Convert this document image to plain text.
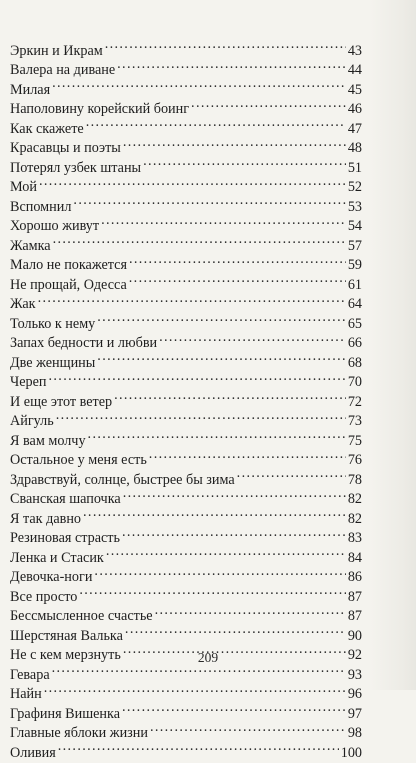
Эркин и Икрам . . .	43
Валера на диване . . .	44
Милая . . .	45
Наполовину корейский боинг . . .	46
Как скажете . . .	47
Красавцы и поэты . . .	48
Потерял узбек штаны . . .	51
Мой . . .	52
Вспомнил . . .	53
Хорошо живут . . .	54
Жамка . . .	57
Мало не покажется . . .	59
Не прощай, Одесса . . .	61
Жак . . .	64
Только к нему . . .	65
Запах бедности и любви . . .	66
Две женщины . . .	68
Череп . . .	70
И еще этот ветер . . .	72
Айгуль . . .	73
Я вам молчу . . .	75
Остальное у меня есть . . .	76
Здравствуй, солнце, быстрее бы зима . . .	78
Сванская шапочка . . .	82
Я так давно . . .	82
Резиновая страсть . . .	83
Ленка и Стасик . . .	84
Девочка-ноги . . .	86
Все просто . . .	87
Бессмысленное счастье . . .	87
Шерстяная Валька . . .	90
Не с кем мерзнуть . . .	92
Гевара . . .	93
Найн . . .	96
Графиня Вишенка . . .	97
Главные яблоки жизни . . .	98
Оливия . . .	100
209
